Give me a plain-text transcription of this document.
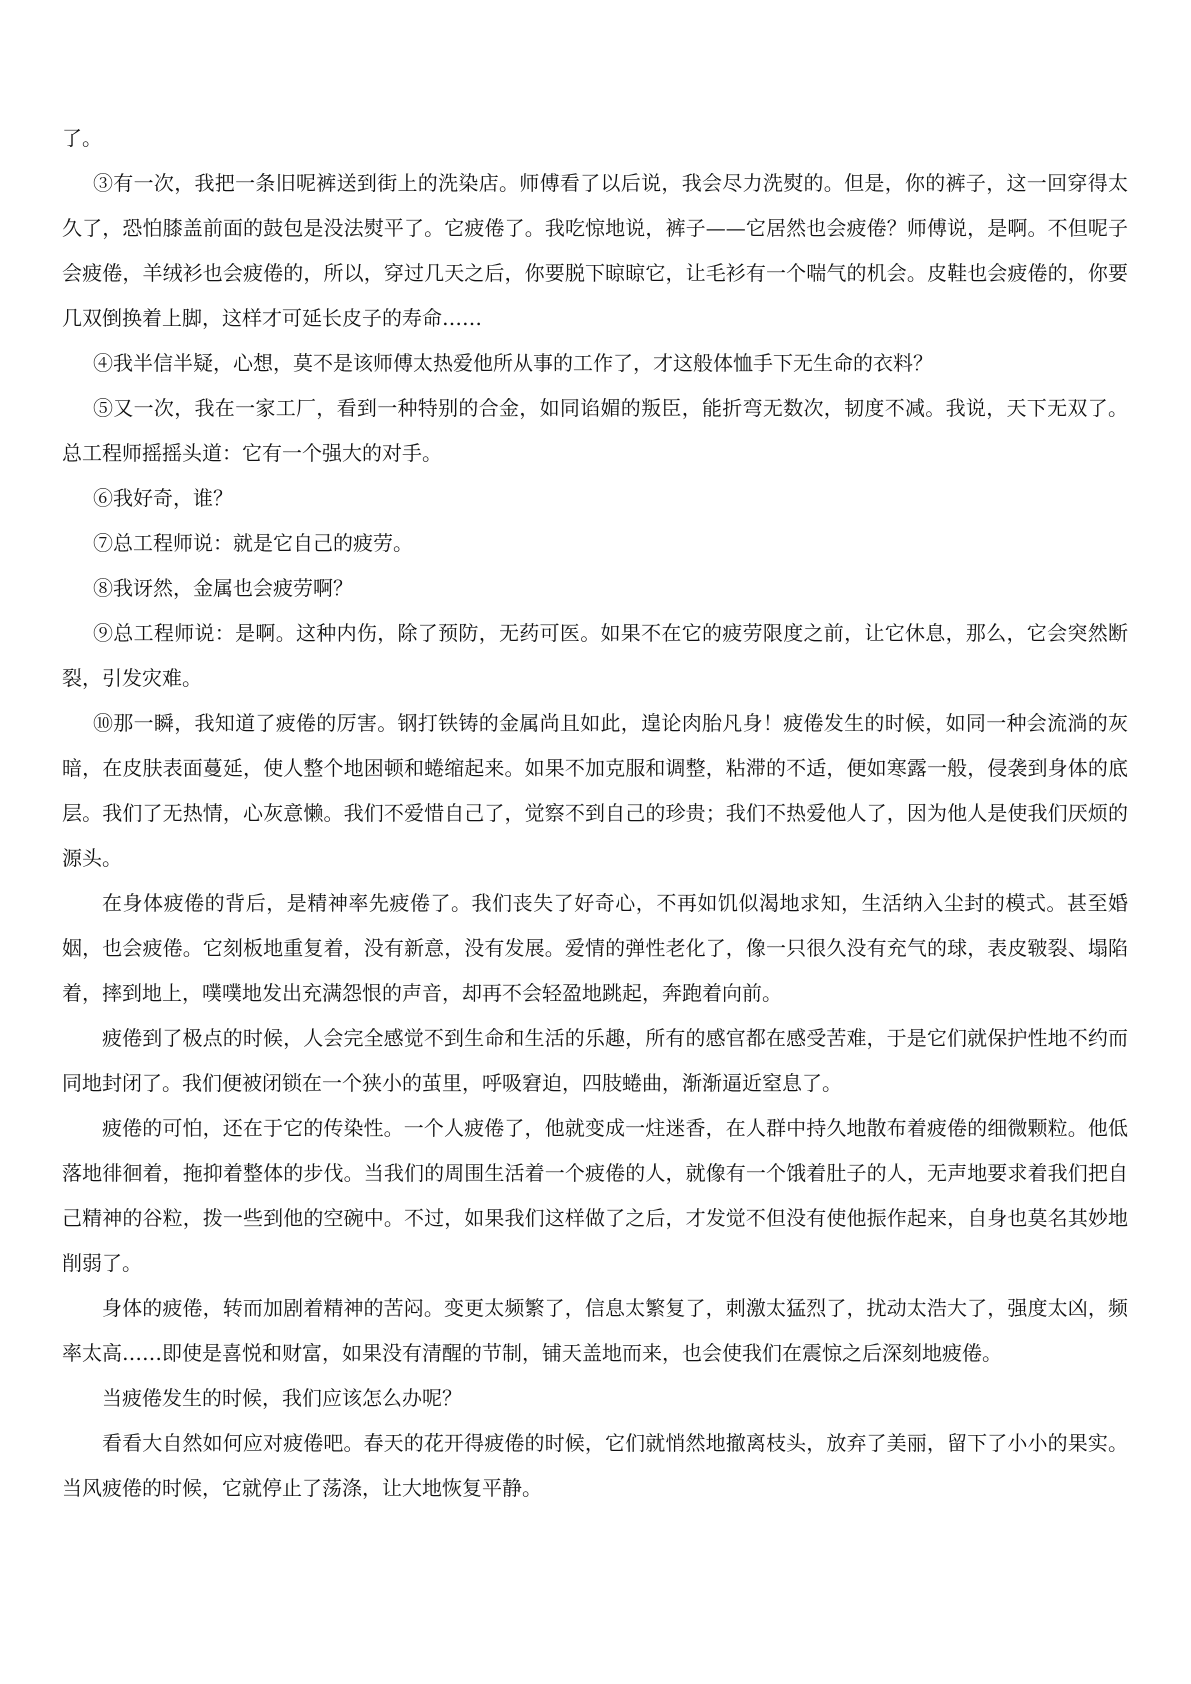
了。

③有一次，我把一条旧呢裤送到街上的洗染店。师傅看了以后说，我会尽力洗熨的。但是，你的裤子，这一回穿得太久了，恐怕膝盖前面的鼓包是没法熨平了。它疲倦了。我吃惊地说，裤子——它居然也会疲倦？师傅说，是啊。不但呢子会疲倦，羊绒衫也会疲倦的，所以，穿过几天之后，你要脱下晾晾它，让毛衫有一个喘气的机会。皮鞋也会疲倦的，你要几双倒换着上脚，这样才可延长皮子的寿命……

④我半信半疑，心想，莫不是该师傅太热爱他所从事的工作了，才这般体恤手下无生命的衣料？

⑤又一次，我在一家工厂，看到一种特别的合金，如同谄媚的叛臣，能折弯无数次，韧度不减。我说，天下无双了。总工程师摇摇头道：它有一个强大的对手。

⑥我好奇，谁？

⑦总工程师说：就是它自己的疲劳。

⑧我讶然，金属也会疲劳啊？

⑨总工程师说：是啊。这种内伤，除了预防，无药可医。如果不在它的疲劳限度之前，让它休息，那么，它会突然断裂，引发灾难。

⑩那一瞬，我知道了疲倦的厉害。钢打铁铸的金属尚且如此，遑论肉胎凡身！疲倦发生的时候，如同一种会流淌的灰暗，在皮肤表面蔓延，使人整个地困顿和蜷缩起来。如果不加克服和调整，粘滞的不适，便如寒露一般，侵袭到身体的底层。我们了无热情，心灰意懒。我们不爱惜自己了，觉察不到自己的珍贵；我们不热爱他人了，因为他人是使我们厌烦的源头。

在身体疲倦的背后，是精神率先疲倦了。我们丧失了好奇心，不再如饥似渴地求知，生活纳入尘封的模式。甚至婚姻，也会疲倦。它刻板地重复着，没有新意，没有发展。爱情的弹性老化了，像一只很久没有充气的球，表皮皲裂、塌陷着，摔到地上，噗噗地发出充满怨恨的声音，却再不会轻盈地跳起，奔跑着向前。

疲倦到了极点的时候，人会完全感觉不到生命和生活的乐趣，所有的感官都在感受苦难，于是它们就保护性地不约而同地封闭了。我们便被闭锁在一个狭小的茧里，呼吸窘迫，四肢蜷曲，渐渐逼近窒息了。

疲倦的可怕，还在于它的传染性。一个人疲倦了，他就变成一炷迷香，在人群中持久地散布着疲倦的细微颗粒。他低落地徘徊着，拖抑着整体的步伐。当我们的周围生活着一个疲倦的人，就像有一个饿着肚子的人，无声地要求着我们把自己精神的谷粒，拨一些到他的空碗中。不过，如果我们这样做了之后，才发觉不但没有使他振作起来，自身也莫名其妙地削弱了。

身体的疲倦，转而加剧着精神的苦闷。变更太频繁了，信息太繁复了，刺激太猛烈了，扰动太浩大了，强度太凶，频率太高……即使是喜悦和财富，如果没有清醒的节制，铺天盖地而来，也会使我们在震惊之后深刻地疲倦。

当疲倦发生的时候，我们应该怎么办呢？

看看大自然如何应对疲倦吧。春天的花开得疲倦的时候，它们就悄然地撤离枝头，放弃了美丽，留下了小小的果实。当风疲倦的时候，它就停止了荡涤，让大地恢复平静。
